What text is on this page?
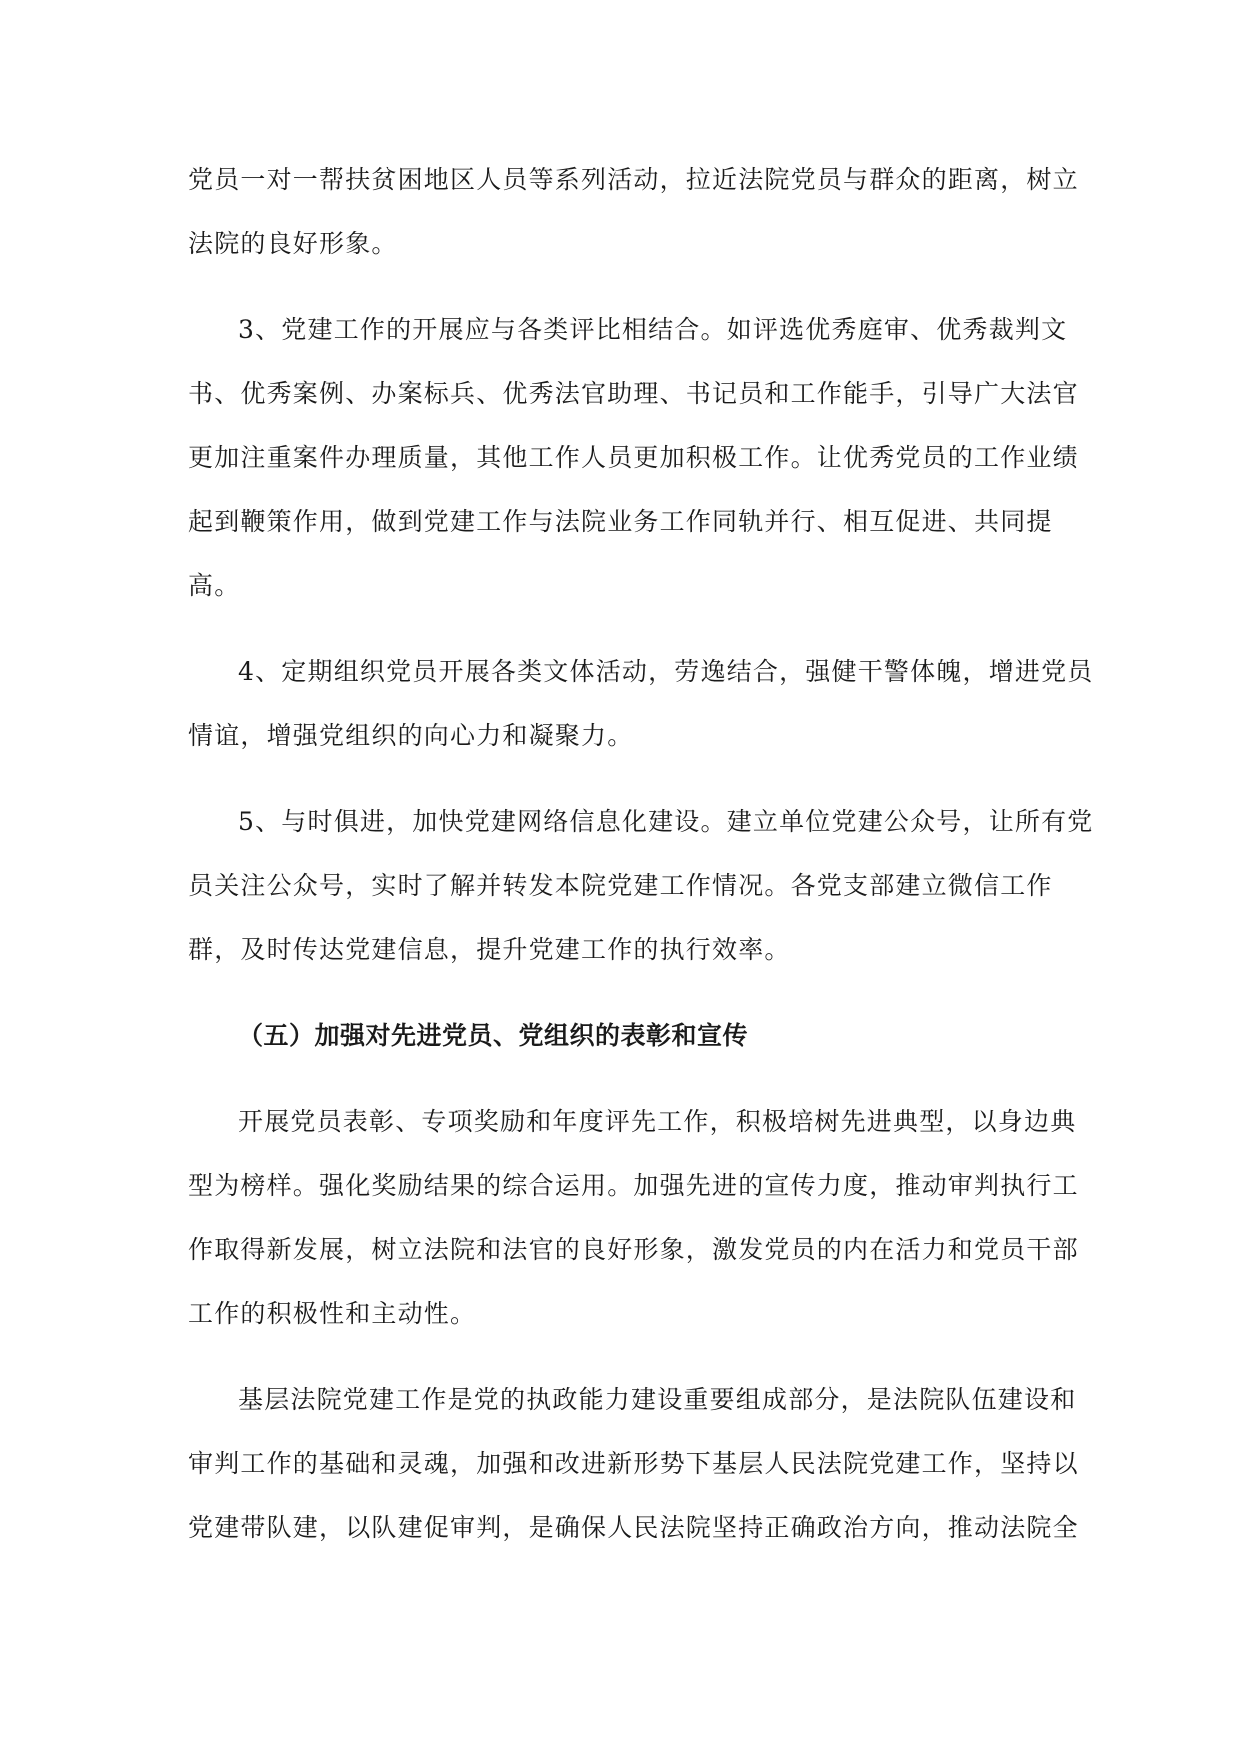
党员一对一帮扶贫困地区人员等系列活动，拉近法院党员与群众的距离，树立
法院的良好形象。

3、党建工作的开展应与各类评比相结合。如评选优秀庭审、优秀裁判文
书、优秀案例、办案标兵、优秀法官助理、书记员和工作能手，引导广大法官
更加注重案件办理质量，其他工作人员更加积极工作。让优秀党员的工作业绩
起到鞭策作用，做到党建工作与法院业务工作同轨并行、相互促进、共同提
高。

4、定期组织党员开展各类文体活动，劳逸结合，强健干警体魄，增进党员
情谊，增强党组织的向心力和凝聚力。

5、与时俱进，加快党建网络信息化建设。建立单位党建公众号，让所有党
员关注公众号，实时了解并转发本院党建工作情况。各党支部建立微信工作
群，及时传达党建信息，提升党建工作的执行效率。

（五）加强对先进党员、党组织的表彰和宣传

开展党员表彰、专项奖励和年度评先工作，积极培树先进典型，以身边典
型为榜样。强化奖励结果的综合运用。加强先进的宣传力度，推动审判执行工
作取得新发展，树立法院和法官的良好形象，激发党员的内在活力和党员干部
工作的积极性和主动性。

基层法院党建工作是党的执政能力建设重要组成部分，是法院队伍建设和
审判工作的基础和灵魂，加强和改进新形势下基层人民法院党建工作，坚持以
党建带队建，以队建促审判，是确保人民法院坚持正确政治方向，推动法院全
